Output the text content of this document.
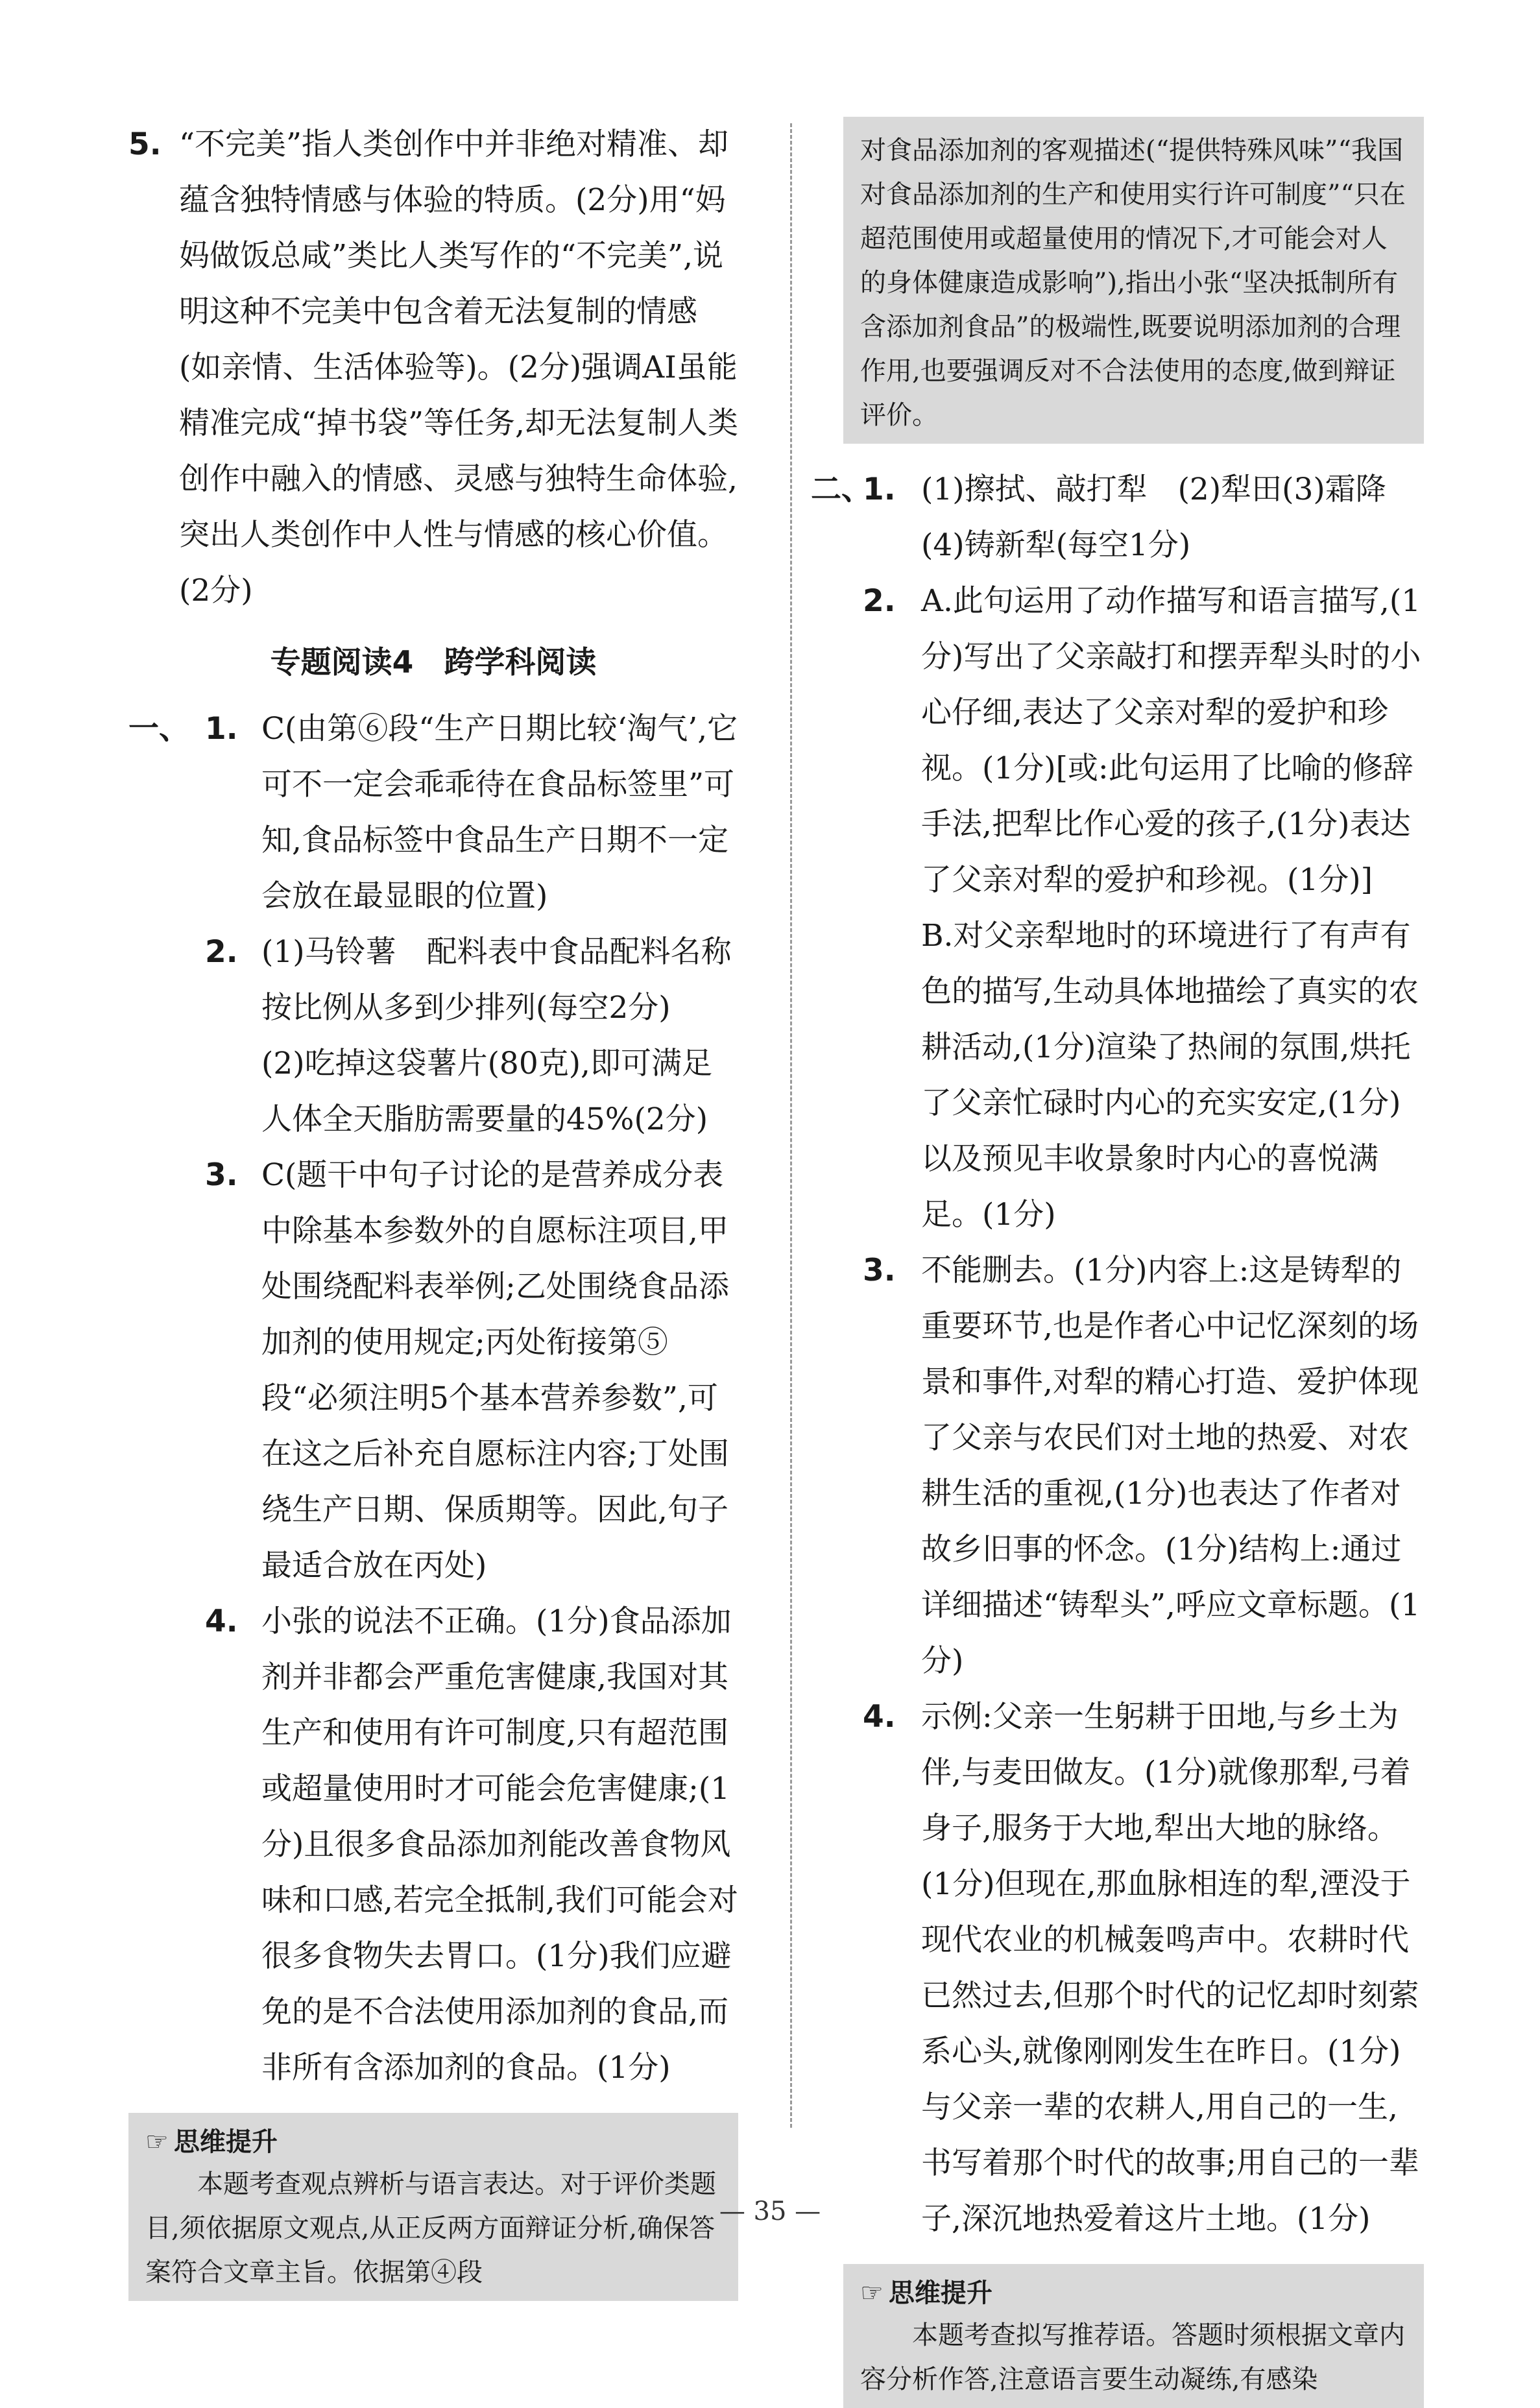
5. “不完美”指人类创作中并非绝对精准、却蕴含独特情感与体验的特质。(2分)用“妈妈做饭总咸”类比人类写作的“不完美”,说明这种不完美中包含着无法复制的情感(如亲情、生活体验等)。(2分)强调AI虽能精准完成“掉书袋”等任务,却无法复制人类创作中融入的情感、灵感与独特生命体验,突出人类创作中人性与情感的核心价值。(2分)
专题阅读4　跨学科阅读
一、 1. C(由第⑥段“生产日期比较‘淘气’,它可不一定会乖乖待在食品标签里”可知,食品标签中食品生产日期不一定会放在最显眼的位置)
2. (1)马铃薯　配料表中食品配料名称按比例从多到少排列(每空2分)　(2)吃掉这袋薯片(80克),即可满足人体全天脂肪需要量的45%(2分)
3. C(题干中句子讨论的是营养成分表中除基本参数外的自愿标注项目,甲处围绕配料表举例;乙处围绕食品添加剂的使用规定;丙处衔接第⑤段“必须注明5个基本营养参数”,可在这之后补充自愿标注内容;丁处围绕生产日期、保质期等。因此,句子最适合放在丙处)
4. 小张的说法不正确。(1分)食品添加剂并非都会严重危害健康,我国对其生产和使用有许可制度,只有超范围或超量使用时才可能会危害健康;(1分)且很多食品添加剂能改善食物风味和口感,若完全抵制,我们可能会对很多食物失去胃口。(1分)我们应避免的是不合法使用添加剂的食品,而非所有含添加剂的食品。(1分)
☞ 思维提升
本题考查观点辨析与语言表达。对于评价类题目,须依据原文观点,从正反两方面辩证分析,确保答案符合文章主旨。依据第④段
对食品添加剂的客观描述(“提供特殊风味”“我国对食品添加剂的生产和使用实行许可制度”“只在超范围使用或超量使用的情况下,才可能会对人的身体健康造成影响”),指出小张“坚决抵制所有含添加剂食品”的极端性,既要说明添加剂的合理作用,也要强调反对不合法使用的态度,做到辩证评价。
二、
1. (1)擦拭、敲打犁　(2)犁田(3)霜降　(4)铸新犁(每空1分)
2. A.此句运用了动作描写和语言描写,(1分)写出了父亲敲打和摆弄犁头时的小心仔细,表达了父亲对犁的爱护和珍视。(1分)[或:此句运用了比喻的修辞手法,把犁比作心爱的孩子,(1分)表达了父亲对犁的爱护和珍视。(1分)]
B.对父亲犁地时的环境进行了有声有色的描写,生动具体地描绘了真实的农耕活动,(1分)渲染了热闹的氛围,烘托了父亲忙碌时内心的充实安定,(1分)以及预见丰收景象时内心的喜悦满足。(1分)
3. 不能删去。(1分)内容上:这是铸犁的重要环节,也是作者心中记忆深刻的场景和事件,对犁的精心打造、爱护体现了父亲与农民们对土地的热爱、对农耕生活的重视,(1分)也表达了作者对故乡旧事的怀念。(1分)结构上:通过详细描述“铸犁头”,呼应文章标题。(1分)
4. 示例:父亲一生躬耕于田地,与乡土为伴,与麦田做友。(1分)就像那犁,弓着身子,服务于大地,犁出大地的脉络。(1分)但现在,那血脉相连的犁,湮没于现代农业的机械轰鸣声中。农耕时代已然过去,但那个时代的记忆却时刻萦系心头,就像刚刚发生在昨日。(1分)与父亲一辈的农耕人,用自己的一生,书写着那个时代的故事;用自己的一辈子,深沉地热爱着这片土地。(1分)
☞ 思维提升
本题考查拟写推荐语。答题时须根据文章内容分析作答,注意语言要生动凝练,有感染
— 35 —
